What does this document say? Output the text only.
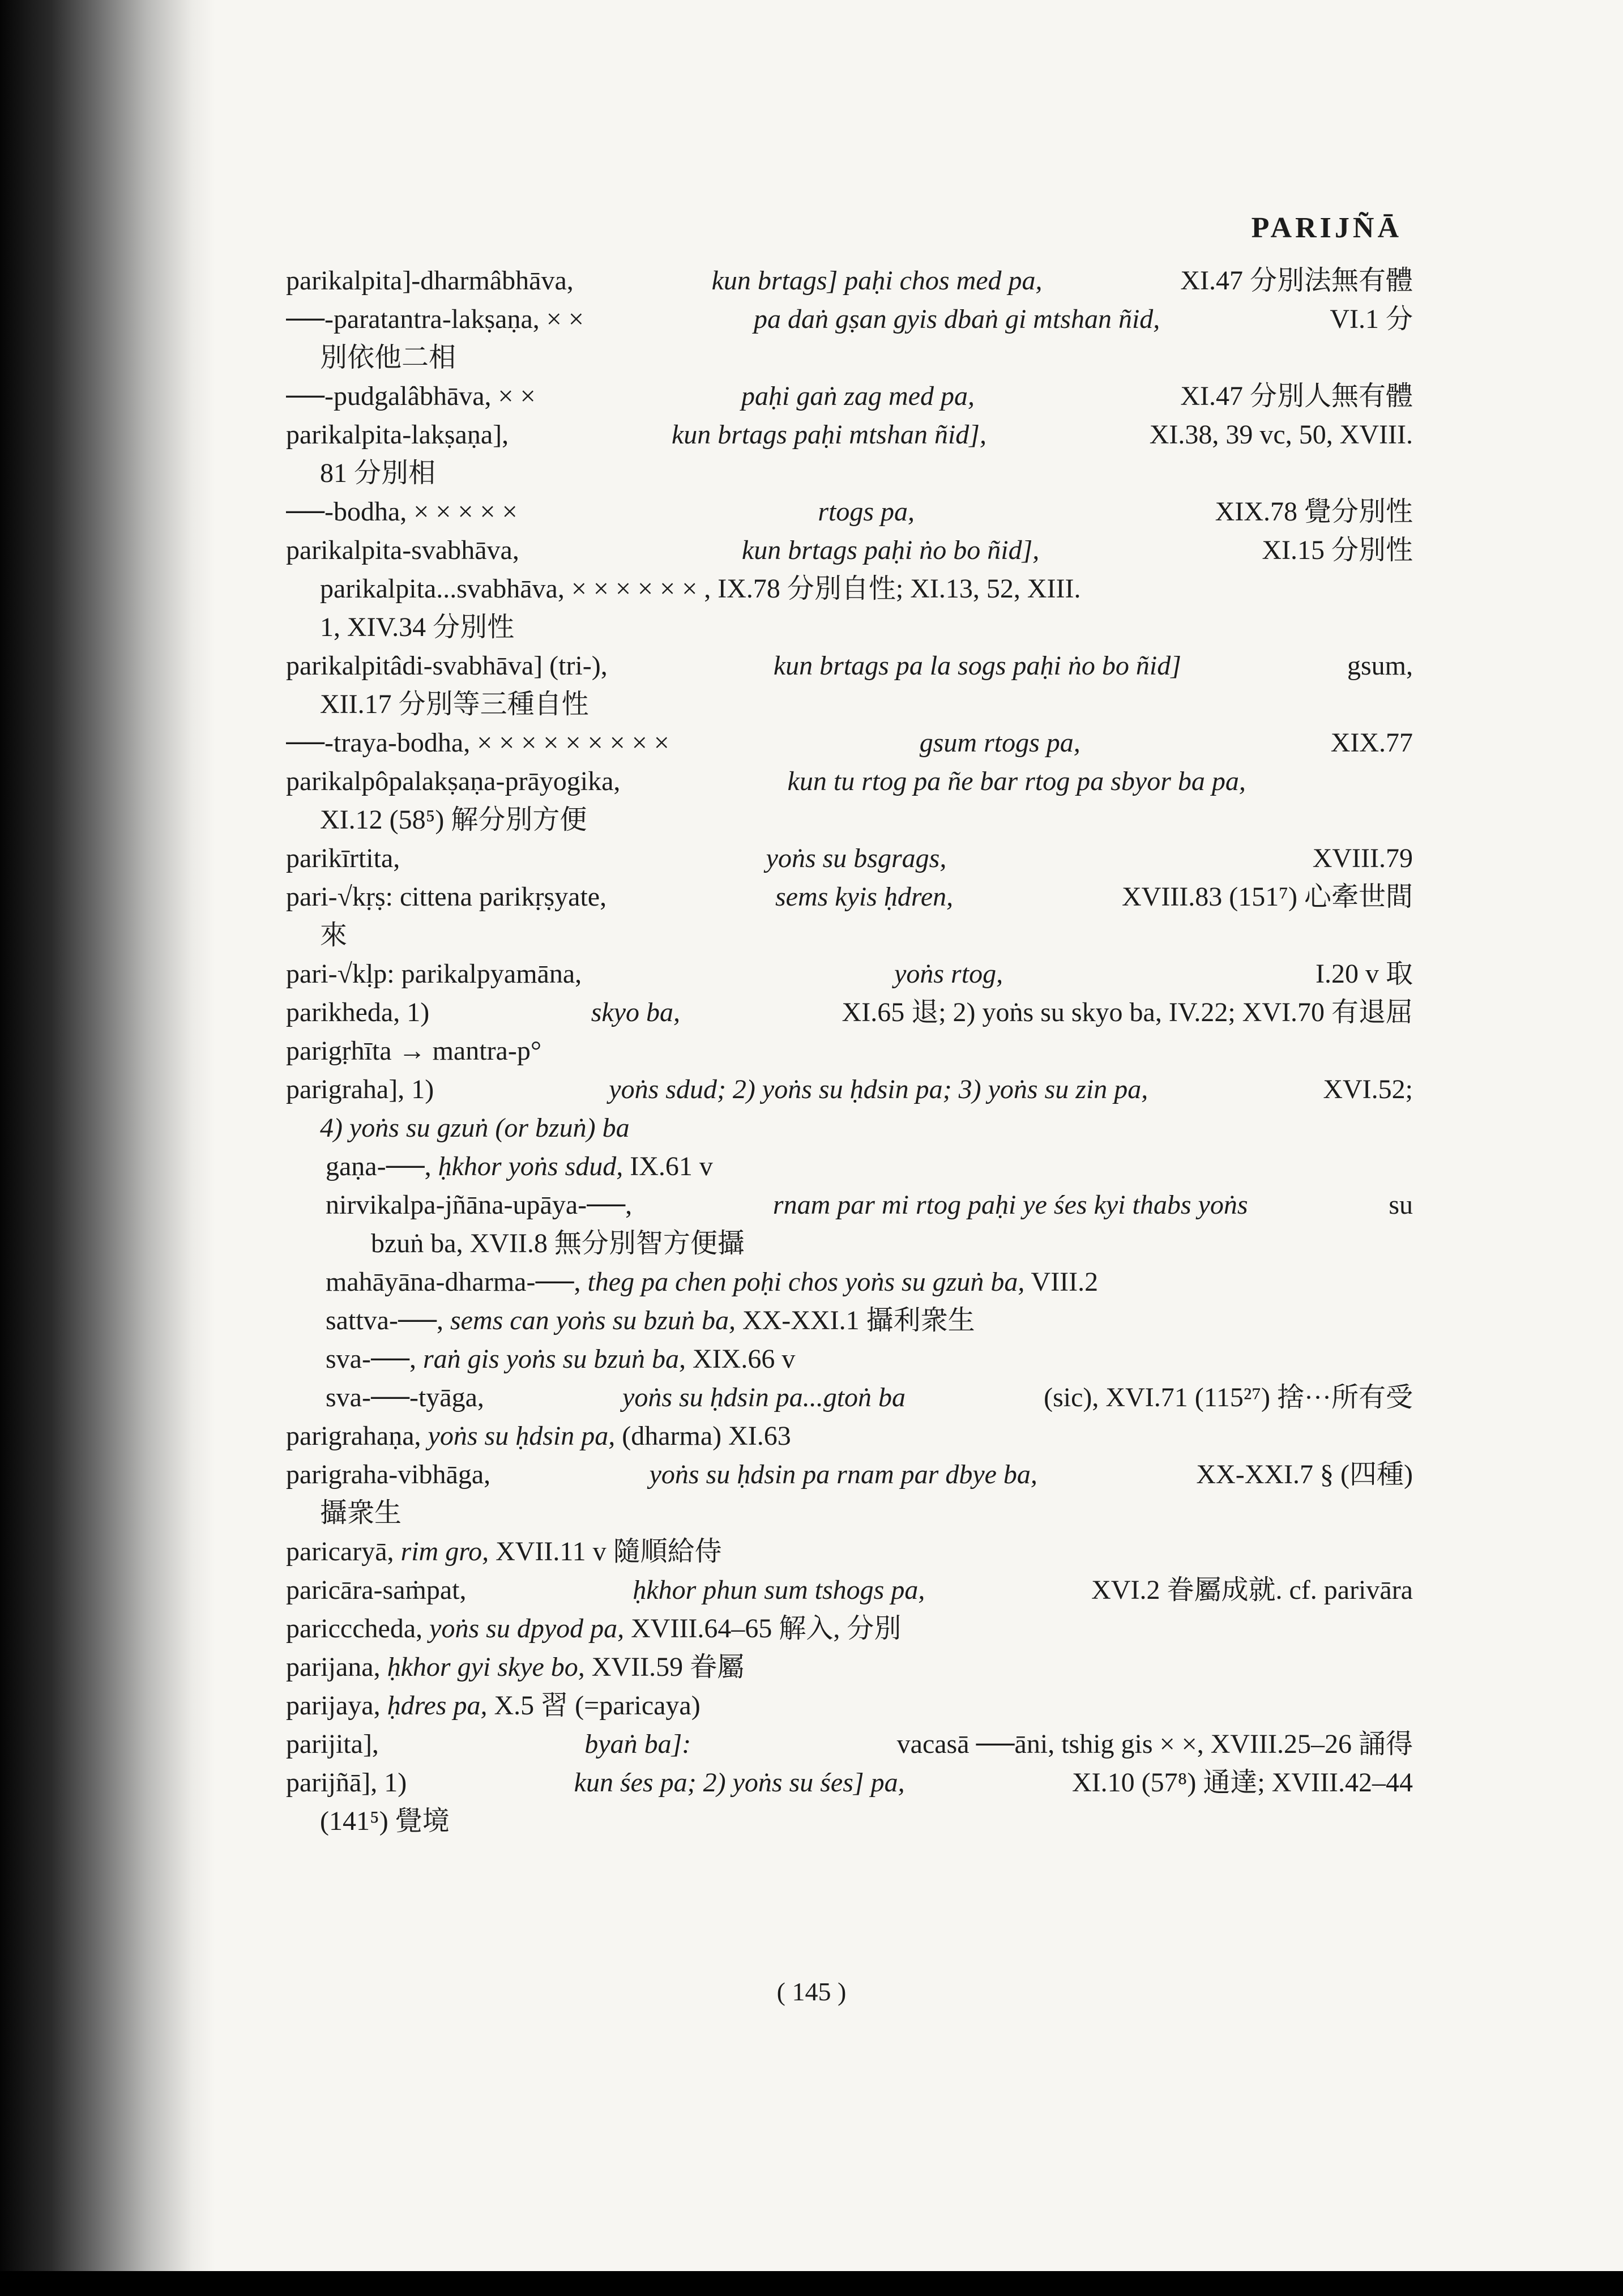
PARIJÑĀ
parikalpita]-dharmâbhāva,	kun brtags] paḥi chos med pa,	XI.47 分別法無有體
──-paratantra-lakṣaṇa, × ×	pa daṅ gṣan gyis dbaṅ gi mtshan ñid,	VI.1 分
別依他二相
──-pudgalâbhāva, × ×	paḥi gaṅ zag med pa,	XI.47 分別人無有體
parikalpita-lakṣaṇa],	kun brtags paḥi mtshan ñid],	XI.38, 39 vc, 50, XVIII.
81 分別相
──-bodha, × × × × ×	rtogs pa,	XIX.78 覺分別性
parikalpita-svabhāva,	kun brtags paḥi ṅo bo ñid],	XI.15 分別性
parikalpita...svabhāva, × × × × × × , IX.78 分別自性; XI.13, 52, XIII.
1, XIV.34 分別性
parikalpitâdi-svabhāva] (tri-),	kun brtags pa la sogs paḥi ṅo bo ñid]	gsum,
XII.17 分別等三種自性
──-traya-bodha, × × × × × × × × ×	gsum rtogs pa,	XIX.77
parikalpôpalakṣaṇa-prāyogika,	kun tu rtog pa ñe bar rtog pa sbyor ba pa,
XI.12 (58⁵) 解分別方便
parikīrtita,	yoṅs su bsgrags,	XVIII.79
pari-√kṛṣ: cittena parikṛṣyate,	sems kyis ḥdren,	XVIII.83 (151⁷) 心牽世間
來
pari-√kḷp: parikalpyamāna,	yoṅs rtog,	I.20 v 取
parikheda, 1)	skyo ba,	XI.65 退; 2) yoṅs su skyo ba, IV.22; XVI.70 有退屈
parigṛhīta → mantra-p°
parigraha], 1)	yoṅs sdud; 2) yoṅs su ḥdsin pa; 3) yoṅs su zin pa,	XVI.52;
4) yoṅs su gzuṅ (or bzuṅ) ba
gaṇa-──, ḥkhor yoṅs sdud, IX.61 v
nirvikalpa-jñāna-upāya-──,	rnam par mi rtog paḥi ye śes kyi thabs yoṅs	su
bzuṅ ba, XVII.8 無分別智方便攝
mahāyāna-dharma-──, theg pa chen poḥi chos yoṅs su gzuṅ ba, VIII.2
sattva-──, sems can yoṅs su bzuṅ ba, XX-XXI.1 攝利衆生
sva-──, raṅ gis yoṅs su bzuṅ ba, XIX.66 v
sva-──-tyāga,	yoṅs su ḥdsin pa...gtoṅ ba	(sic), XVI.71 (115²⁷) 捨···所有受
parigrahaṇa, yoṅs su ḥdsin pa, (dharma) XI.63
parigraha-vibhāga,	yoṅs su ḥdsin pa rnam par dbye ba,	XX-XXI.7 § (四種)
攝衆生
paricaryā, rim gro, XVII.11 v 隨順給侍
paricāra-saṁpat,	ḥkhor phun sum tshogs pa,	XVI.2 眷屬成就. cf. parivāra
paricccheda, yoṅs su dpyod pa, XVIII.64–65 解入, 分別
parijana, ḥkhor gyi skye bo, XVII.59 眷屬
parijaya, ḥdres pa, X.5 習 (=paricaya)
parijita],	byaṅ ba]:	vacasā ──āni, tshig gis × ×, XVIII.25–26 誦得
parijñā], 1)	kun śes pa; 2) yoṅs su śes] pa,	XI.10 (57⁸) 通達; XVIII.42–44
(141⁵) 覺境
( 145 )
